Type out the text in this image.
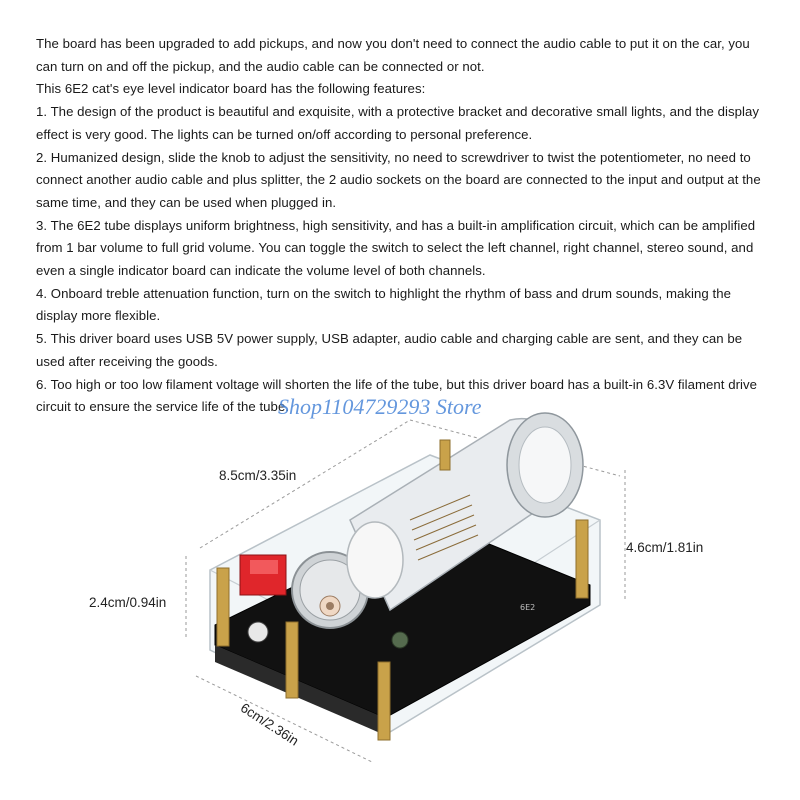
The board has been upgraded to add pickups, and now you don't need to connect the audio cable to put it on the car, you can turn on and off the pickup, and the audio cable can be connected or not.

This 6E2 cat's eye level indicator board has the following features:

1. The design of the product is beautiful and exquisite, with a protective bracket and decorative small lights, and the display effect is very good. The lights can be turned on/off according to personal preference.

2. Humanized design, slide the knob to adjust the sensitivity, no need to screwdriver to twist the potentiometer, no need to connect another audio cable and plus splitter, the 2 audio sockets on the board are connected to the input and output at the same time, and they can be used when plugged in.

3. The 6E2 tube displays uniform brightness, high sensitivity, and has a built-in amplification circuit, which can be amplified from 1 bar volume to full grid volume. You can toggle the switch to select the left channel, right channel, stereo sound, and even a single indicator board can indicate the volume level of both channels.

4. Onboard treble attenuation function, turn on the switch to highlight the rhythm of bass and drum sounds, making the display more flexible.

5. This driver board uses USB 5V power supply, USB adapter, audio cable and charging cable are sent, and they can be used after receiving the goods.

6. Too high or too low filament voltage will shorten the life of the tube, but this driver board has a built-in 6.3V filament drive circuit to ensure the service life of the tube.

6E2
Shop1104729293 Store
8.5cm/3.35in
4.6cm/1.81in
2.4cm/0.94in
6cm/2.36in
